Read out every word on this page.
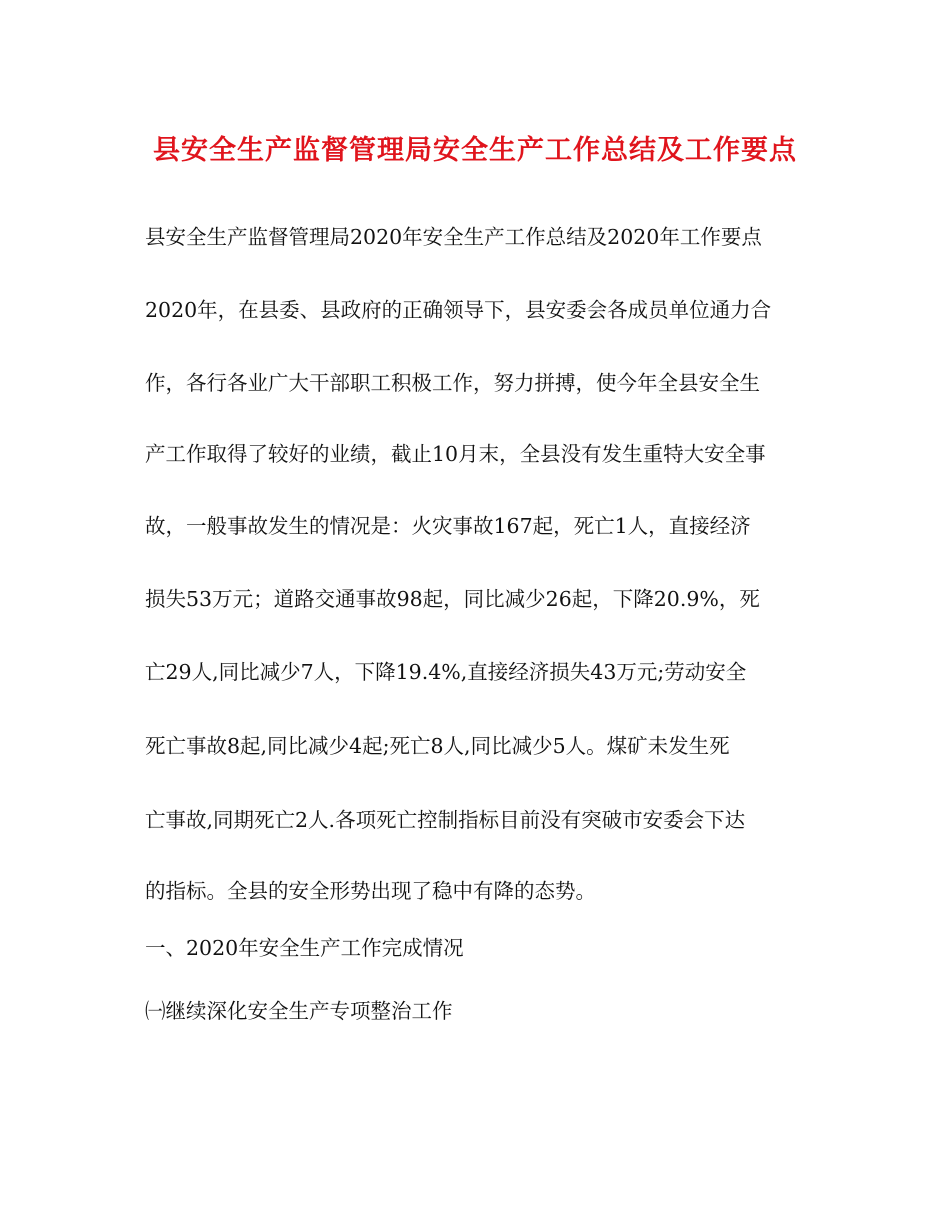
县安全生产监督管理局安全生产工作总结及工作要点

县安全生产监督管理局2020年安全生产工作总结及2020年工作要点

2020年，在县委、县政府的正确领导下，县安委会各成员单位通力合

作，各行各业广大干部职工积极工作，努力拼搏，使今年全县安全生

产工作取得了较好的业绩，截止10月末，全县没有发生重特大安全事

故，一般事故发生的情况是：火灾事故167起，死亡1人，直接经济

损失53万元；道路交通事故98起，同比减少26起，下降20.9%，死

亡29人,同比减少7人，下降19.4%,直接经济损失43万元;劳动安全

死亡事故8起,同比减少4起;死亡8人,同比减少5人。煤矿未发生死

亡事故,同期死亡2人.各项死亡控制指标目前没有突破市安委会下达

的指标。全县的安全形势出现了稳中有降的态势。

一、2020年安全生产工作完成情况

㈠继续深化安全生产专项整治工作
